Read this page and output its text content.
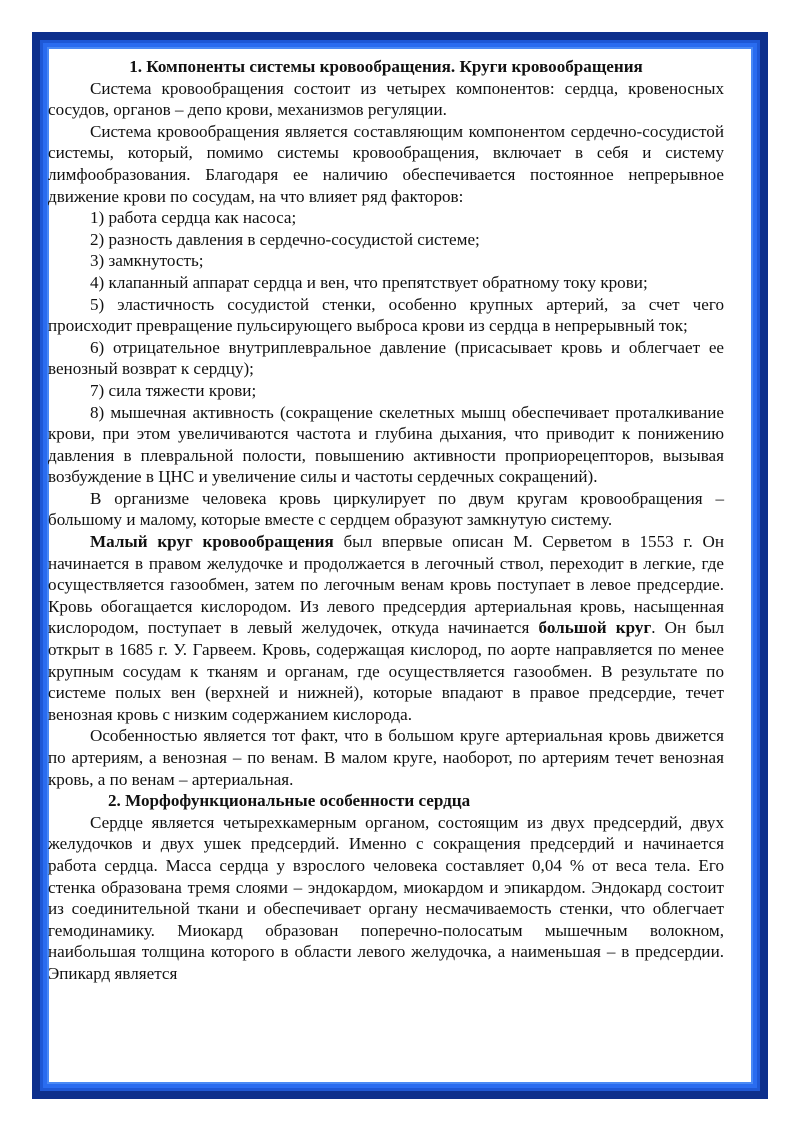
1. Компоненты системы кровообращения. Круги кровообращения

Система кровообращения состоит из четырех компонентов: сердца, кровеносных сосудов, органов – депо крови, механизмов регуляции.

Система кровообращения является составляющим компонентом сердечно-сосудистой системы, который, помимо системы кровообращения, включает в себя и систему лимфообразования. Благодаря ее наличию обеспечивается постоянное непрерывное движение крови по сосудам, на что влияет ряд факторов:

1) работа сердца как насоса;

2) разность давления в сердечно-сосудистой системе;

3) замкнутость;

4) клапанный аппарат сердца и вен, что препятствует обратному току крови;

5) эластичность сосудистой стенки, особенно крупных артерий, за счет чего происходит превращение пульсирующего выброса крови из сердца в непрерывный ток;

6) отрицательное внутриплевральное давление (присасывает кровь и облегчает ее венозный возврат к сердцу);

7) сила тяжести крови;

8) мышечная активность (сокращение скелетных мышц обеспечивает проталкивание крови, при этом увеличиваются частота и глубина дыхания, что приводит к понижению давления в плевральной полости, повышению активности проприорецепторов, вызывая возбуждение в ЦНС и увеличение силы и частоты сердечных сокращений).

В организме человека кровь циркулирует по двум кругам кровообращения – большому и малому, которые вместе с сердцем образуют замкнутую систему.

Малый круг кровообращения был впервые описан М. Серветом в 1553 г. Он начинается в правом желудочке и продолжается в легочный ствол, переходит в легкие, где осуществляется газообмен, затем по легочным венам кровь поступает в левое предсердие. Кровь обогащается кислородом. Из левого предсердия артериальная кровь, насыщенная кислородом, поступает в левый желудочек, откуда начинается большой круг. Он был открыт в 1685 г. У. Гарвеем. Кровь, содержащая кислород, по аорте направляется по менее крупным сосудам к тканям и органам, где осуществляется газообмен. В результате по системе полых вен (верхней и нижней), которые впадают в правое предсердие, течет венозная кровь с низким содержанием кислорода.

Особенностью является тот факт, что в большом круге артериальная кровь движется по артериям, а венозная – по венам. В малом круге, наоборот, по артериям течет венозная кровь, а по венам – артериальная.

2. Морфофункциональные особенности сердца

Сердце является четырехкамерным органом, состоящим из двух предсердий, двух желудочков и двух ушек предсердий. Именно с сокращения предсердий и начинается работа сердца. Масса сердца у взрослого человека составляет 0,04 % от веса тела. Его стенка образована тремя слоями – эндокардом, миокардом и эпикардом. Эндокард состоит из соединительной ткани и обеспечивает органу несмачиваемость стенки, что облегчает гемодинамику. Миокард образован поперечно-полосатым мышечным волокном, наибольшая толщина которого в области левого желудочка, а наименьшая – в предсердии. Эпикард является
